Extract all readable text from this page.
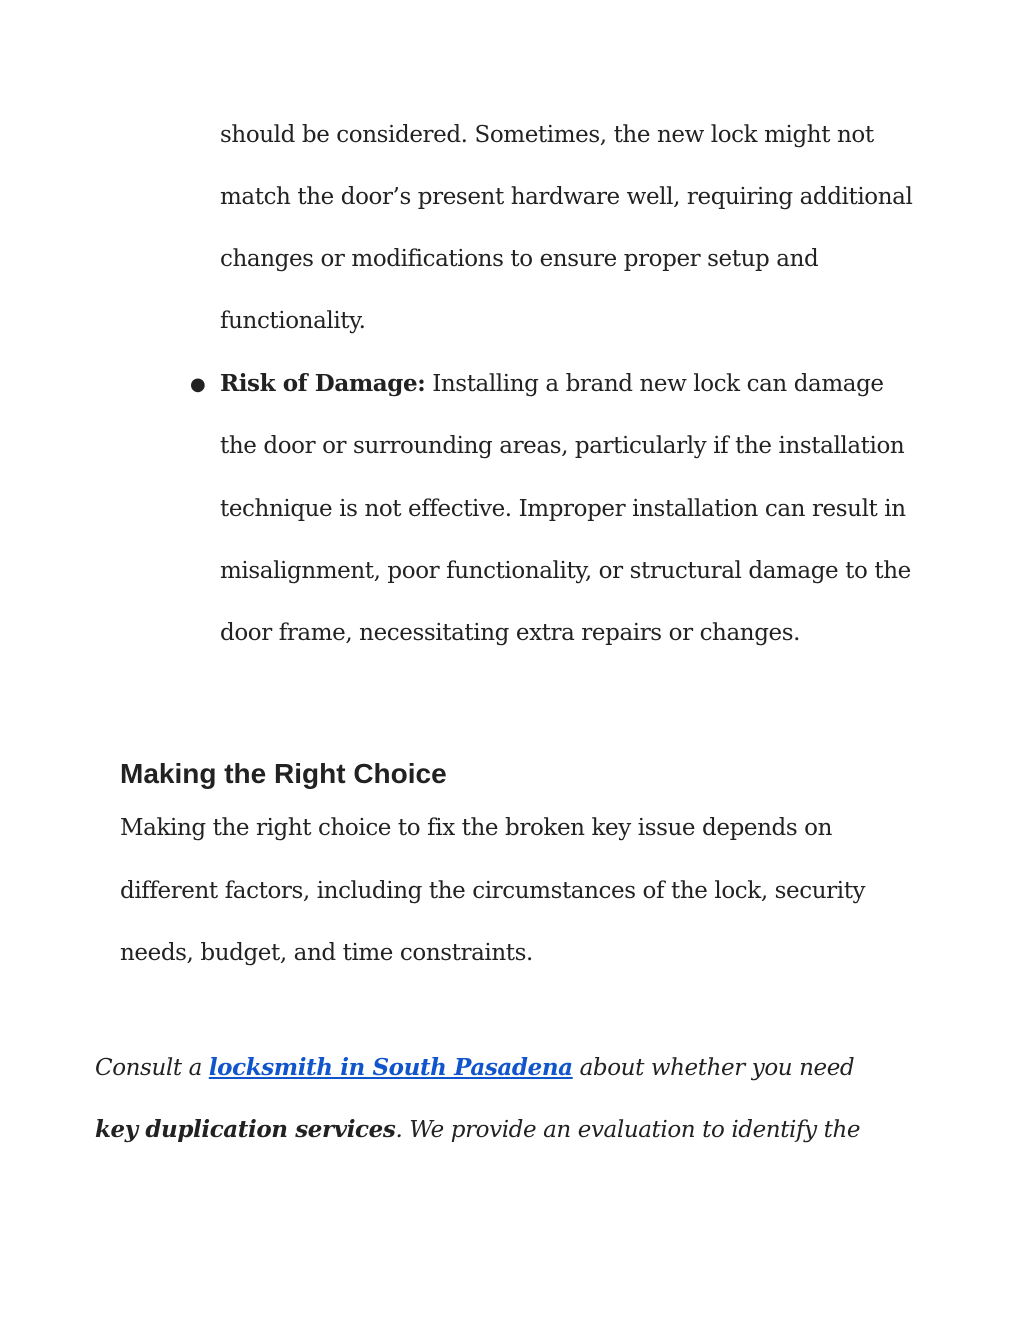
should be considered. Sometimes, the new lock might not
match the door’s present hardware well, requiring additional
changes or modifications to ensure proper setup and
functionality.
● Risk of Damage: Installing a brand new lock can damage
the door or surrounding areas, particularly if the installation
technique is not effective. Improper installation can result in
misalignment, poor functionality, or structural damage to the
door frame, necessitating extra repairs or changes.
Making the Right Choice
Making the right choice to fix the broken key issue depends on
different factors, including the circumstances of the lock, security
needs, budget, and time constraints.
Consult a locksmith in South Pasadena about whether you need
key duplication services. We provide an evaluation to identify the
